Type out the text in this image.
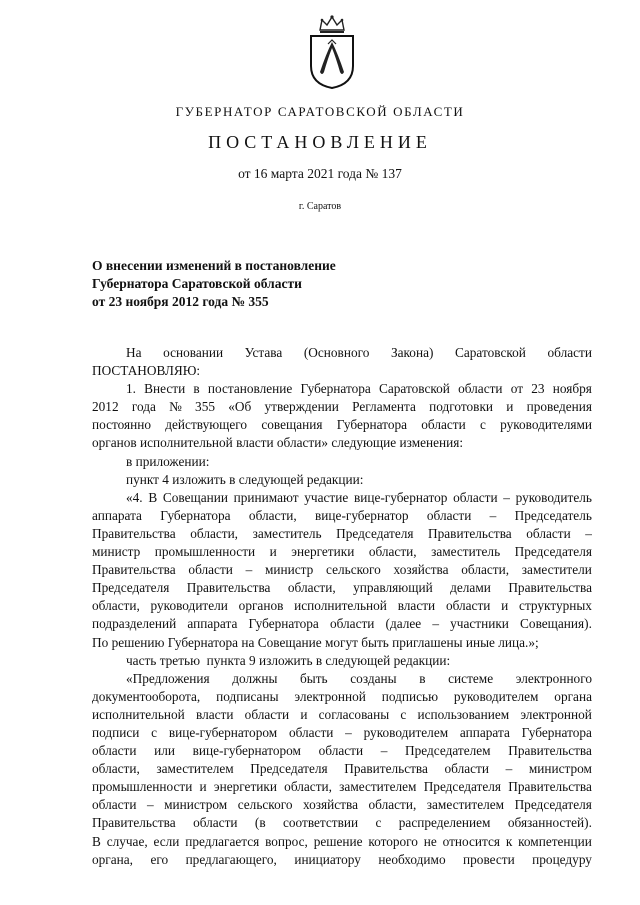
ГУБЕРНАТОР САРАТОВСКОЙ ОБЛАСТИ
ПОСТАНОВЛЕНИЕ
от 16 марта 2021 года № 137
г. Саратов
О внесении изменений в постановление
Губернатора Саратовской области
от 23 ноября 2012 года № 355
На основании Устава (Основного Закона) Саратовской области
ПОСТАНОВЛЯЮ:
1. Внести в постановление Губернатора Саратовской области от 23 ноября
2012 года № 355 «Об утверждении Регламента подготовки и проведения
постоянно действующего совещания Губернатора области с руководителями
органов исполнительной власти области» следующие изменения:
в приложении:
пункт 4 изложить в следующей редакции:
«4. В Совещании принимают участие вице-губернатор области – руководитель
аппарата Губернатора области, вице-губернатор области – Председатель
Правительства области, заместитель Председателя Правительства области –
министр промышленности и энергетики области, заместитель Председателя
Правительства области – министр сельского хозяйства области, заместители
Председателя Правительства области, управляющий делами Правительства
области, руководители органов исполнительной власти области и структурных
подразделений аппарата Губернатора области (далее – участники Совещания).
По решению Губернатора на Совещание могут быть приглашены иные лица.»;
часть третью  пункта 9 изложить в следующей редакции:
«Предложения должны быть созданы в системе электронного
документооборота, подписаны электронной подписью руководителем органа
исполнительной власти области и согласованы с использованием электронной
подписи с вице-губернатором области – руководителем аппарата Губернатора
области или вице-губернатором области – Председателем Правительства
области, заместителем Председателя Правительства области – министром
промышленности и энергетики области, заместителем Председателя Правительства
области – министром сельского хозяйства области, заместителем Председателя
Правительства области (в соответствии с распределением обязанностей).
В случае, если предлагается вопрос, решение которого не относится к компетенции
органа, его предлагающего, инициатору необходимо провести процедуру
